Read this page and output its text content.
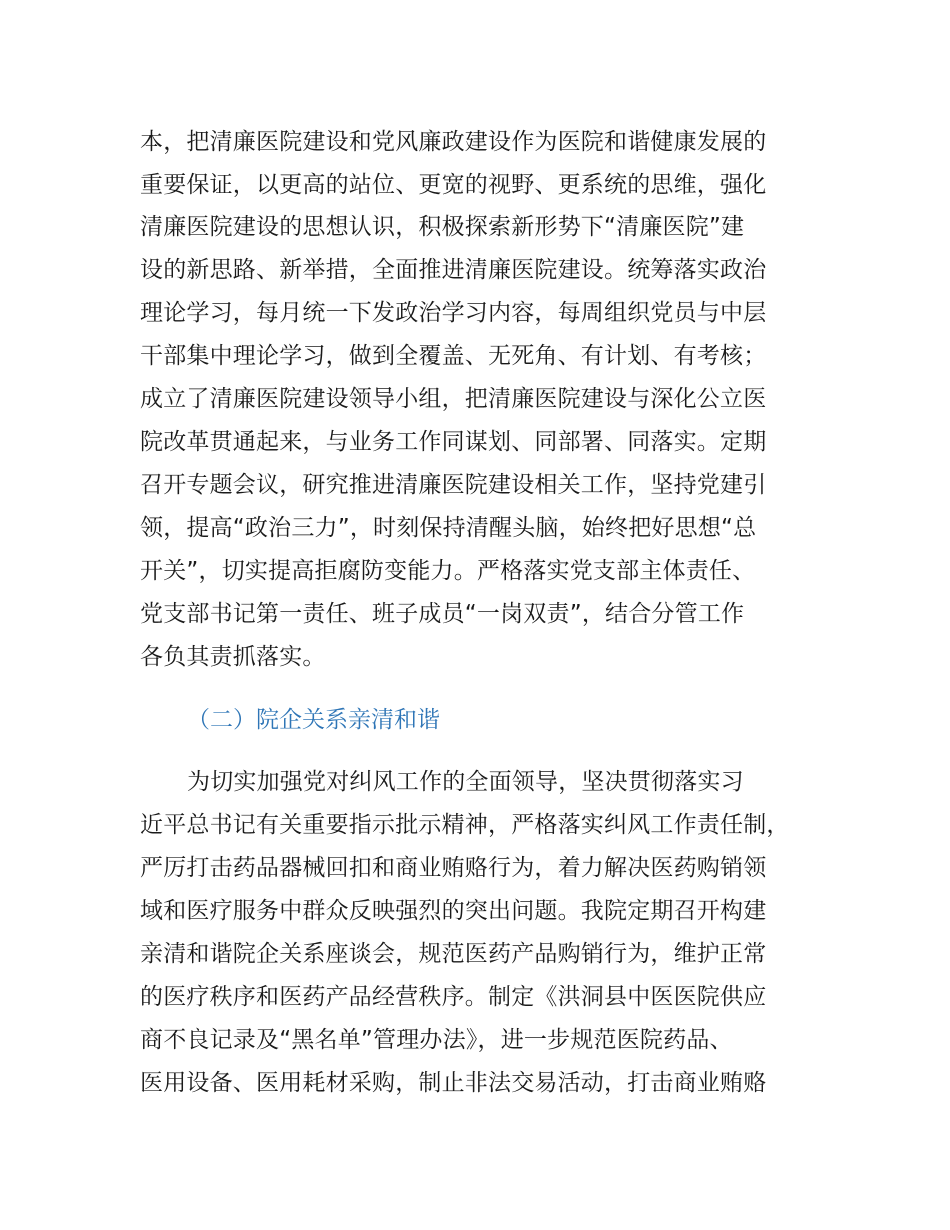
本，把清廉医院建设和党风廉政建设作为医院和谐健康发展的
重要保证，以更高的站位、更宽的视野、更系统的思维，强化
清廉医院建设的思想认识，积极探索新形势下“清廉医院”建
设的新思路、新举措，全面推进清廉医院建设。统筹落实政治
理论学习，每月统一下发政治学习内容，每周组织党员与中层
干部集中理论学习，做到全覆盖、无死角、有计划、有考核；
成立了清廉医院建设领导小组，把清廉医院建设与深化公立医
院改革贯通起来，与业务工作同谋划、同部署、同落实。定期
召开专题会议，研究推进清廉医院建设相关工作，坚持党建引
领，提高“政治三力”，时刻保持清醒头脑，始终把好思想“总
开关”，切实提高拒腐防变能力。严格落实党支部主体责任、
党支部书记第一责任、班子成员“一岗双责”，结合分管工作
各负其责抓落实。
（二）院企关系亲清和谐
为切实加强党对纠风工作的全面领导，坚决贯彻落实习
近平总书记有关重要指示批示精神，严格落实纠风工作责任制，
严厉打击药品器械回扣和商业贿赂行为，着力解决医药购销领
域和医疗服务中群众反映强烈的突出问题。我院定期召开构建
亲清和谐院企关系座谈会，规范医药产品购销行为，维护正常
的医疗秩序和医药产品经营秩序。制定《洪洞县中医医院供应
商不良记录及“黑名单”管理办法》，进一步规范医院药品、
医用设备、医用耗材采购，制止非法交易活动，打击商业贿赂
